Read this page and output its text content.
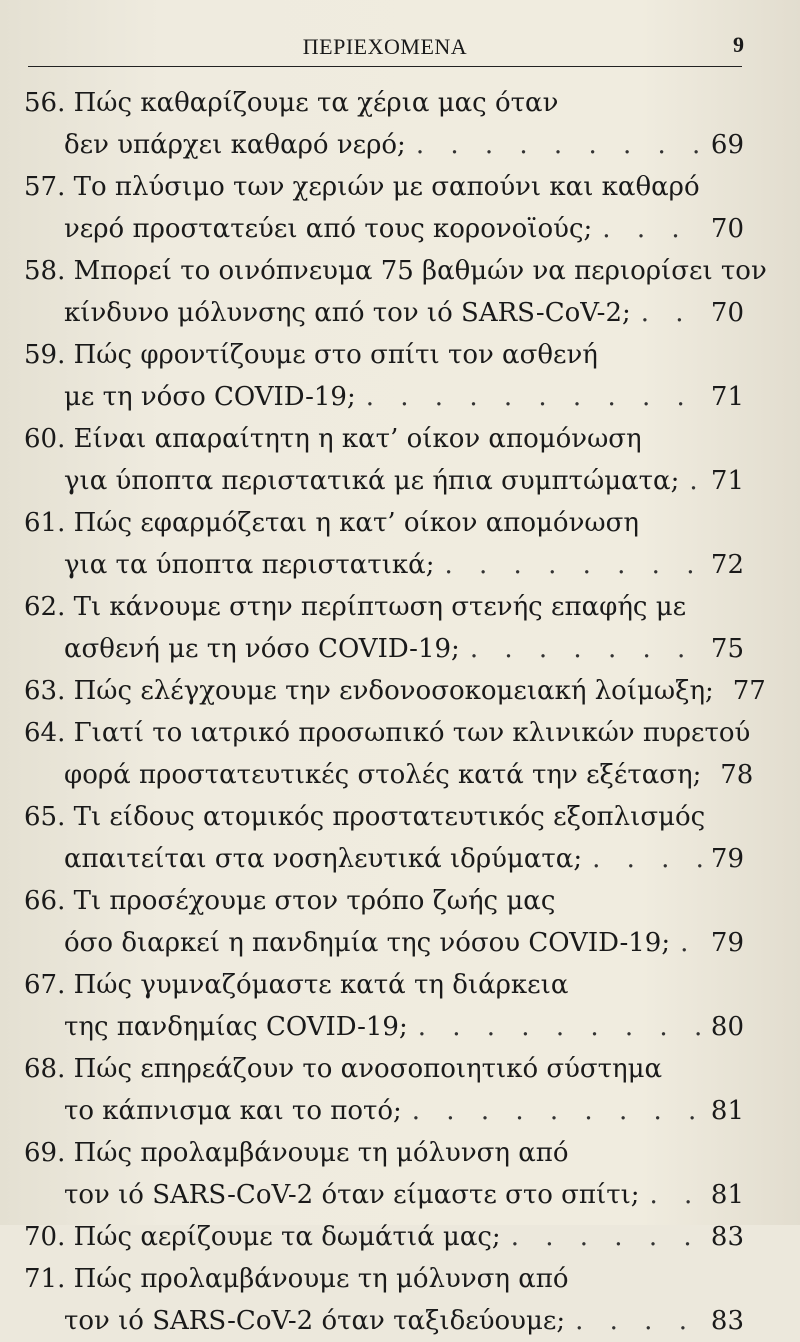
ΠΕΡΙΕΧΟΜΕΝΑ	9
56. Πώς καθαρίζουμε τα χέρια μας όταν
δεν υπάρχει καθαρό νερό; . . .	69
57. Το πλύσιμο των χεριών με σαπούνι και καθαρό
νερό προστατεύει από τους κορονοϊούς; . . .	70
58. Μπορεί το οινόπνευμα 75 βαθμών να περιορίσει τον
κίνδυνο μόλυνσης από τον ιό SARS-CoV-2; . . .	70
59. Πώς φροντίζουμε στο σπίτι τον ασθενή
με τη νόσο COVID-19; . . .	71
60. Είναι απαραίτητη η κατ’ οίκον απομόνωση
για ύποπτα περιστατικά με ήπια συμπτώματα; . . . 71
61. Πώς εφαρμόζεται η κατ’ οίκον απομόνωση
για τα ύποπτα περιστατικά; . . .	72
62. Τι κάνουμε στην περίπτωση στενής επαφής με
ασθενή με τη νόσο COVID-19; . . .	75
63. Πώς ελέγχουμε την ενδονοσοκομειακή λοίμωξη; 77
64. Γιατί το ιατρικό προσωπικό των κλινικών πυρετού
φορά προστατευτικές στολές κατά την εξέταση; 78
65. Τι είδους ατομικός προστατευτικός εξοπλισμός
απαιτείται στα νοσηλευτικά ιδρύματα; . . .	79
66. Τι προσέχουμε στον τρόπο ζωής μας
όσο διαρκεί η πανδημία της νόσου COVID-19; . . . 79
67. Πώς γυμναζόμαστε κατά τη διάρκεια
της πανδημίας COVID-19; . . .	80
68. Πώς επηρεάζουν το ανοσοποιητικό σύστημα
το κάπνισμα και το ποτό; . . .	81
69. Πώς προλαμβάνουμε τη μόλυνση από
τον ιό SARS-CoV-2 όταν είμαστε στο σπίτι; . . .	81
70. Πώς αερίζουμε τα δωμάτιά μας; . . .	83
71. Πώς προλαμβάνουμε τη μόλυνση από
τον ιό SARS-CoV-2 όταν ταξιδεύουμε; . . .	83
